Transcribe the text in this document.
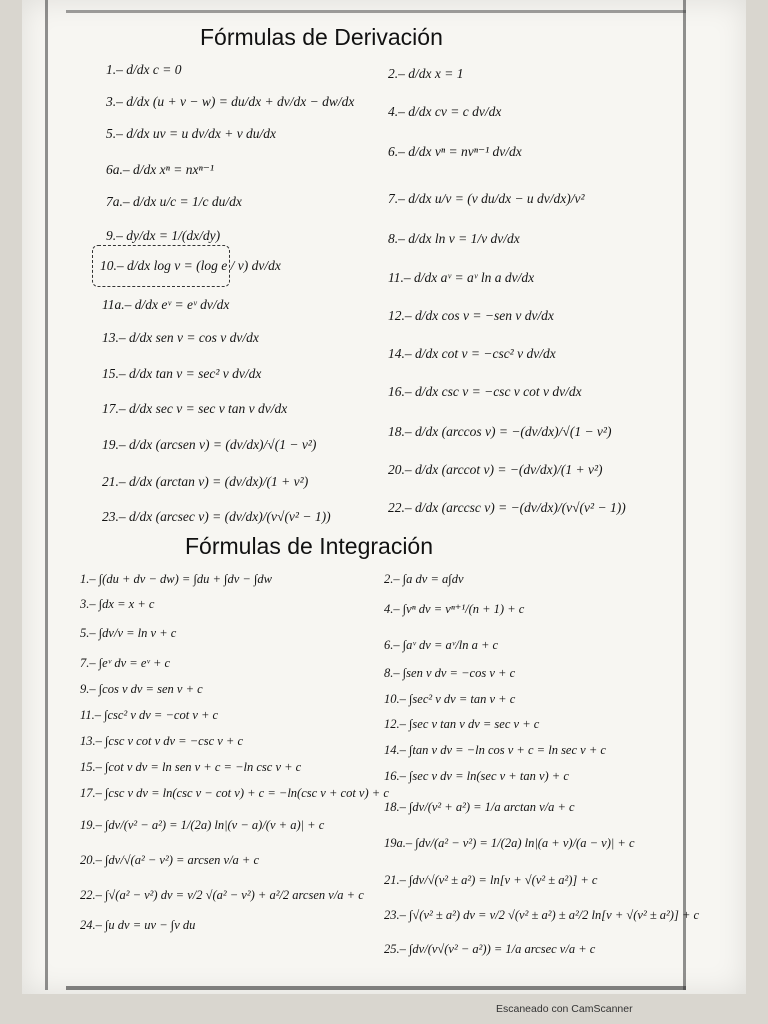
Fórmulas de Derivación
Fórmulas de Integración
1.– d/dx c = 0
3.– d/dx (u + v − w) = du/dx + dv/dx − dw/dx
5.– d/dx uv = u dv/dx + v du/dx
6a.– d/dx xⁿ = nxⁿ⁻¹
7a.– d/dx u/c = 1/c du/dx
9.– dy/dx = 1/(dx/dy)
10.– d/dx log v = (log e / v) dv/dx
11a.– d/dx eᵛ = eᵛ dv/dx
13.– d/dx sen v = cos v dv/dx
15.– d/dx tan v = sec² v dv/dx
17.– d/dx sec v = sec v tan v dv/dx
19.– d/dx (arcsen v) = (dv/dx)/√(1 − v²)
21.– d/dx (arctan v) = (dv/dx)/(1 + v²)
23.– d/dx (arcsec v) = (dv/dx)/(v√(v² − 1))
2.– d/dx x = 1
4.– d/dx cv = c dv/dx
6.– d/dx vⁿ = nvⁿ⁻¹ dv/dx
7.– d/dx u/v = (v du/dx − u dv/dx)/v²
8.– d/dx ln v = 1/v dv/dx
11.– d/dx aᵛ = aᵛ ln a dv/dx
12.– d/dx cos v = −sen v dv/dx
14.– d/dx cot v = −csc² v dv/dx
16.– d/dx csc v = −csc v cot v dv/dx
18.– d/dx (arccos v) = −(dv/dx)/√(1 − v²)
20.– d/dx (arccot v) = −(dv/dx)/(1 + v²)
22.– d/dx (arccsc v) = −(dv/dx)/(v√(v² − 1))
1.– ∫(du + dv − dw) = ∫du + ∫dv − ∫dw
3.– ∫dx = x + c
5.– ∫dv/v = ln v + c
7.– ∫eᵛ dv = eᵛ + c
9.– ∫cos v dv = sen v + c
11.– ∫csc² v dv = −cot v + c
13.– ∫csc v cot v dv = −csc v + c
15.– ∫cot v dv = ln sen v + c = −ln csc v + c
17.– ∫csc v dv = ln(csc v − cot v) + c = −ln(csc v + cot v) + c
19.– ∫dv/(v² − a²) = 1/(2a) ln|(v − a)/(v + a)| + c
20.– ∫dv/√(a² − v²) = arcsen v/a + c
22.– ∫√(a² − v²) dv = v/2 √(a² − v²) + a²/2 arcsen v/a + c
24.– ∫u dv = uv − ∫v du
2.– ∫a dv = a∫dv
4.– ∫vⁿ dv = vⁿ⁺¹/(n + 1) + c
6.– ∫aᵛ dv = aᵛ/ln a + c
8.– ∫sen v dv = −cos v + c
10.– ∫sec² v dv = tan v + c
12.– ∫sec v tan v dv = sec v + c
14.– ∫tan v dv = −ln cos v + c = ln sec v + c
16.– ∫sec v dv = ln(sec v + tan v) + c
18.– ∫dv/(v² + a²) = 1/a arctan v/a + c
19a.– ∫dv/(a² − v²) = 1/(2a) ln|(a + v)/(a − v)| + c
21.– ∫dv/√(v² ± a²) = ln[v + √(v² ± a²)] + c
23.– ∫√(v² ± a²) dv = v/2 √(v² ± a²) ± a²/2 ln[v + √(v² ± a²)] + c
25.– ∫dv/(v√(v² − a²)) = 1/a arcsec v/a + c
Escaneado con CamScanner
